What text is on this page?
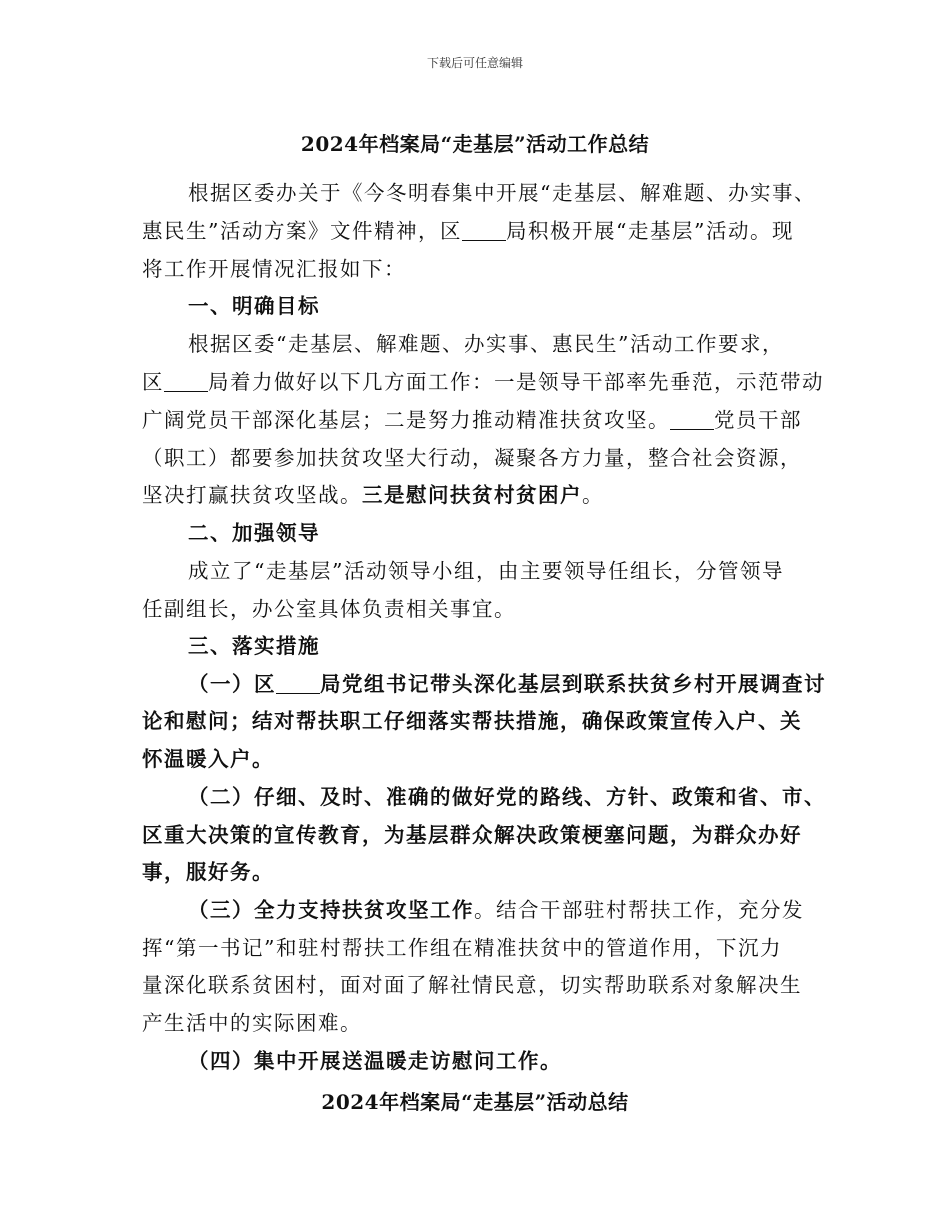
下载后可任意编辑
2024年档案局“走基层”活动工作总结
根据区委办关于《今冬明春集中开展“走基层、解难题、办实事、
惠民生”活动方案》文件精神，区 局积极开展“走基层”活动。现
将工作开展情况汇报如下：
一、明确目标
根据区委“走基层、解难题、办实事、惠民生”活动工作要求，
区 局着力做好以下几方面工作：一是领导干部率先垂范，示范带动
广阔党员干部深化基层；二是努力推动精准扶贫攻坚。 党员干部
（职工）都要参加扶贫攻坚大行动，凝聚各方力量，整合社会资源，
坚决打赢扶贫攻坚战。三是慰问扶贫村贫困户。
二、加强领导
成立了“走基层”活动领导小组，由主要领导任组长，分管领导
任副组长，办公室具体负责相关事宜。
三、落实措施
（一）区 局党组书记带头深化基层到联系扶贫乡村开展调查讨
论和慰问；结对帮扶职工仔细落实帮扶措施，确保政策宣传入户、关
怀温暖入户。
（二）仔细、及时、准确的做好党的路线、方针、政策和省、市、
区重大决策的宣传教育，为基层群众解决政策梗塞问题，为群众办好
事，服好务。
（三）全力支持扶贫攻坚工作。结合干部驻村帮扶工作，充分发
挥“第一书记”和驻村帮扶工作组在精准扶贫中的管道作用，下沉力
量深化联系贫困村，面对面了解社情民意，切实帮助联系对象解决生
产生活中的实际困难。
（四）集中开展送温暖走访慰问工作。
2024年档案局“走基层”活动总结
